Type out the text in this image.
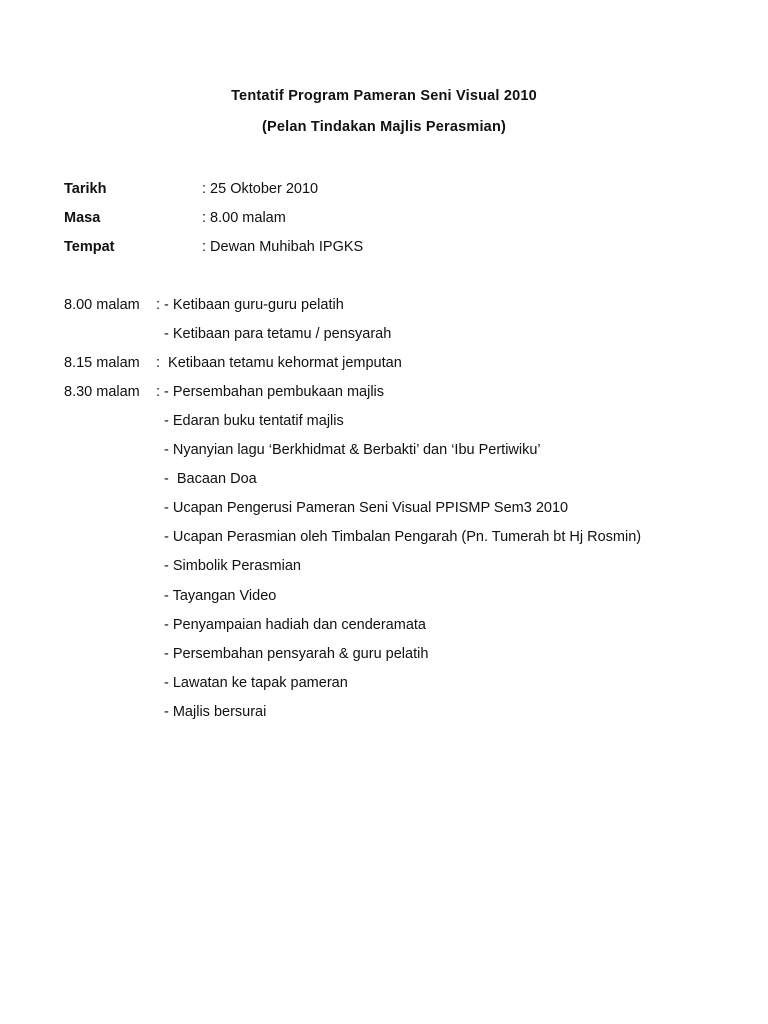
Tentatif Program Pameran Seni Visual 2010
(Pelan Tindakan Majlis Perasmian)
Tarikh	: 25 Oktober 2010
Masa	: 8.00 malam
Tempat	: Dewan Muhibah IPGKS
8.00 malam : - Ketibaan guru-guru pelatih
- Ketibaan para tetamu / pensyarah
8.15 malam : Ketibaan tetamu kehormat jemputan
8.30 malam : - Persembahan pembukaan majlis
- Edaran buku tentatif majlis
- Nyanyian lagu ‘Berkhidmat & Berbakti’ dan ‘Ibu Pertiwiku’
-  Bacaan Doa
- Ucapan Pengerusi Pameran Seni Visual PPISMP Sem3 2010
- Ucapan Perasmian oleh Timbalan Pengarah (Pn. Tumerah bt Hj Rosmin)
- Simbolik Perasmian
- Tayangan Video
- Penyampaian hadiah dan cenderamata
- Persembahan pensyarah & guru pelatih
- Lawatan ke tapak pameran
- Majlis bersurai
